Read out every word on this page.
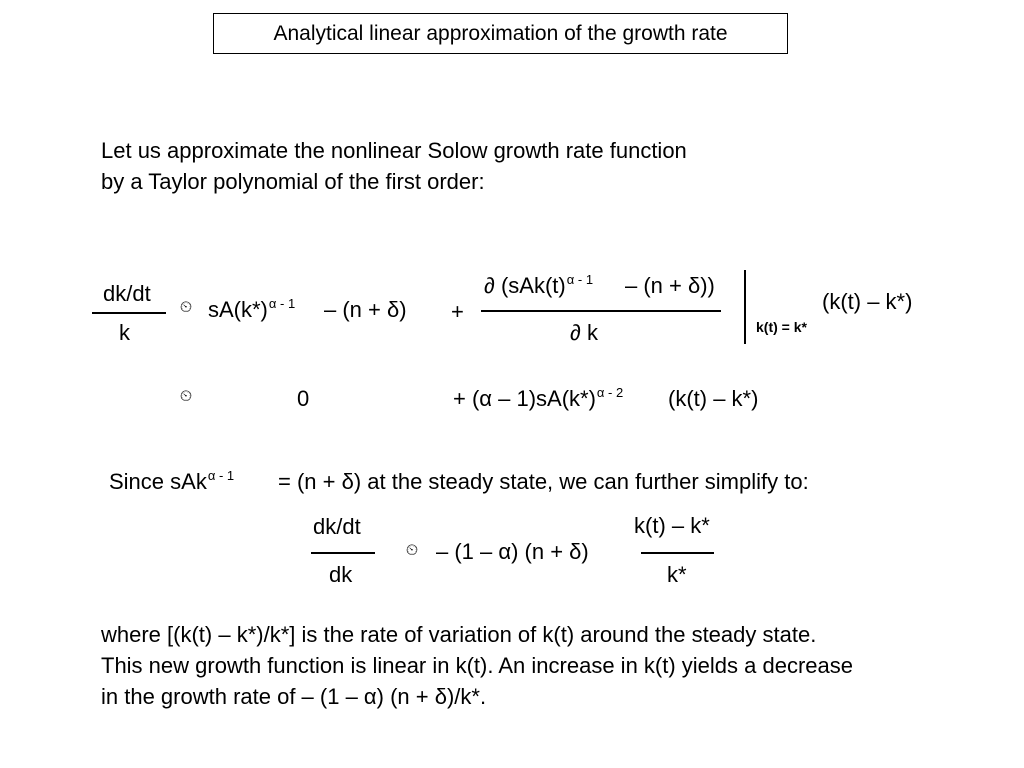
Analytical linear approximation of the growth rate
Let us approximate the nonlinear Solow growth rate function
by a Taylor polynomial of the first order:
dk/dt
k
⏲ $sA(k*)^{\alpha - 1} - (n + \delta)$ +
∂ $(sAk(t)^{\alpha - 1} - (n + \delta))$
∂ k	k(t) = k*
(k(t) – k*)
⏲	0	+ $(\alpha - 1)sA(k*)^{\alpha - 2}$ (k(t) – k*)
Since sAk$^{\alpha - 1}$ = (n + δ) at the steady state, we can further simplify to:
dk/dt
dk
⏲ – (1 – α) (n + δ)
k(t) – k*
k*
where [(k(t) – k*)/k*] is the rate of variation of k(t) around the steady state.
This new growth function is linear in k(t). An increase in k(t) yields a decrease
in the growth rate of – (1 – α) (n + δ)/k*.
